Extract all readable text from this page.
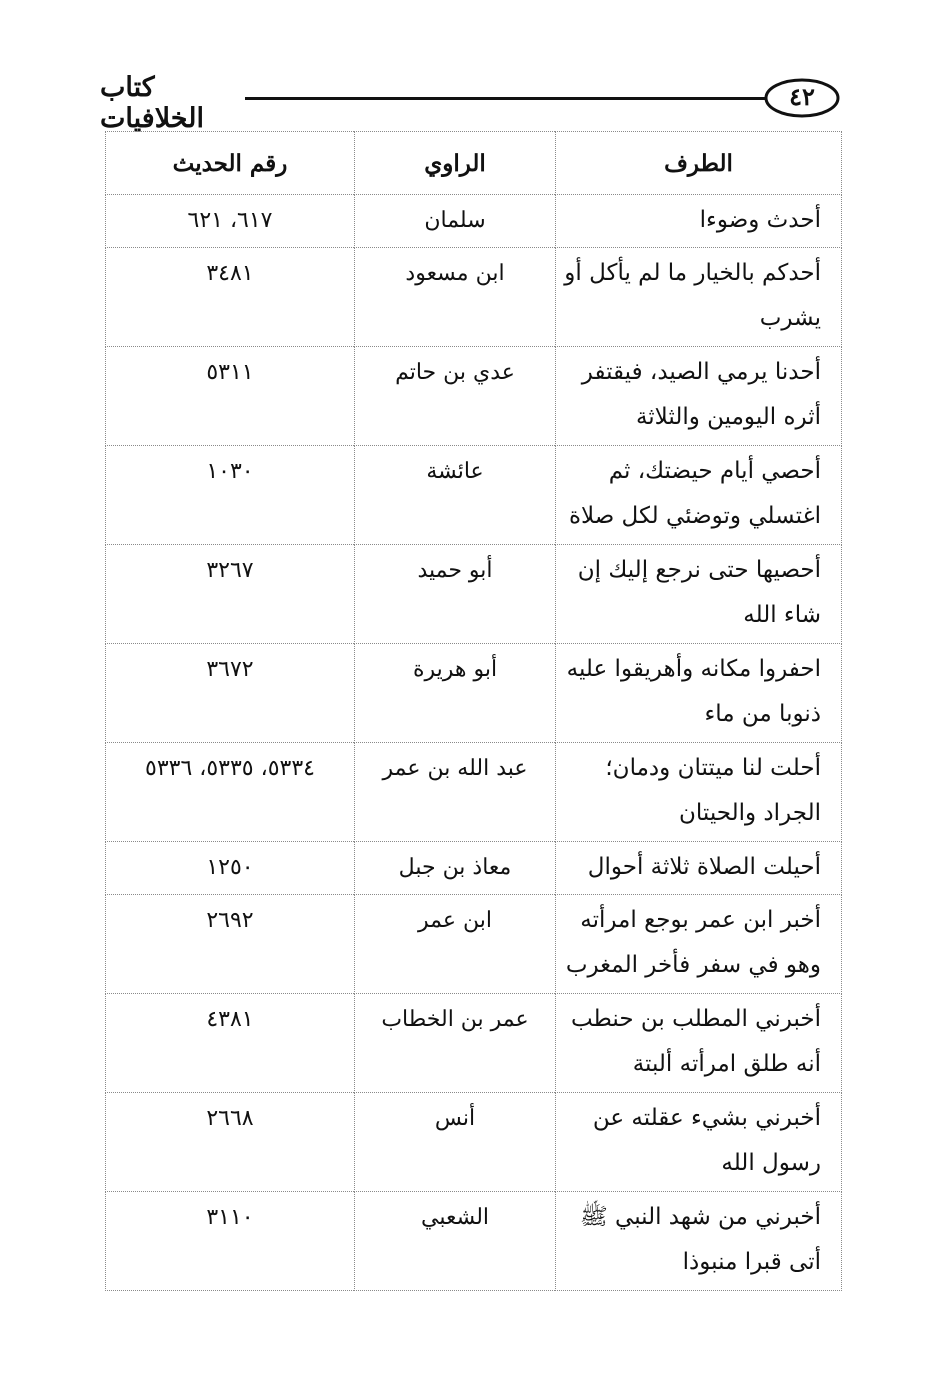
كتاب الخلافيات
٤٢
الطرف	الراوي	رقم الحديث
أحدث وضوءا	سلمان	٦١٧، ٦٢١
أحدكم بالخيار ما لم يأكل أو يشرب	ابن مسعود	٣٤٨١
أحدنا يرمي الصيد، فيقتفر أثره اليومين والثلاثة	عدي بن حاتم	٥٣١١
أحصي أيام حيضتك، ثم اغتسلي وتوضئي لكل صلاة	عائشة	١٠٣٠
أحصيها حتى نرجع إليك إن شاء الله	أبو حميد	٣٢٦٧
احفروا مكانه وأهريقوا عليه ذنوبا من ماء	أبو هريرة	٣٦٧٢
أحلت لنا ميتتان ودمان؛ الجراد والحيتان	عبد الله بن عمر	٥٣٣٤، ٥٣٣٥، ٥٣٣٦
أحيلت الصلاة ثلاثة أحوال	معاذ بن جبل	١٢٥٠
أخبر ابن عمر بوجع امرأته وهو في سفر فأخر المغرب	ابن عمر	٢٦٩٢
أخبرني المطلب بن حنطب أنه طلق امرأته ألبتة	عمر بن الخطاب	٤٣٨١
أخبرني بشيء عقلته عن رسول الله	أنس	٢٦٦٨
أخبرني من شهد النبي ﷺ أتى قبرا منبوذا	الشعبي	٣١١٠
